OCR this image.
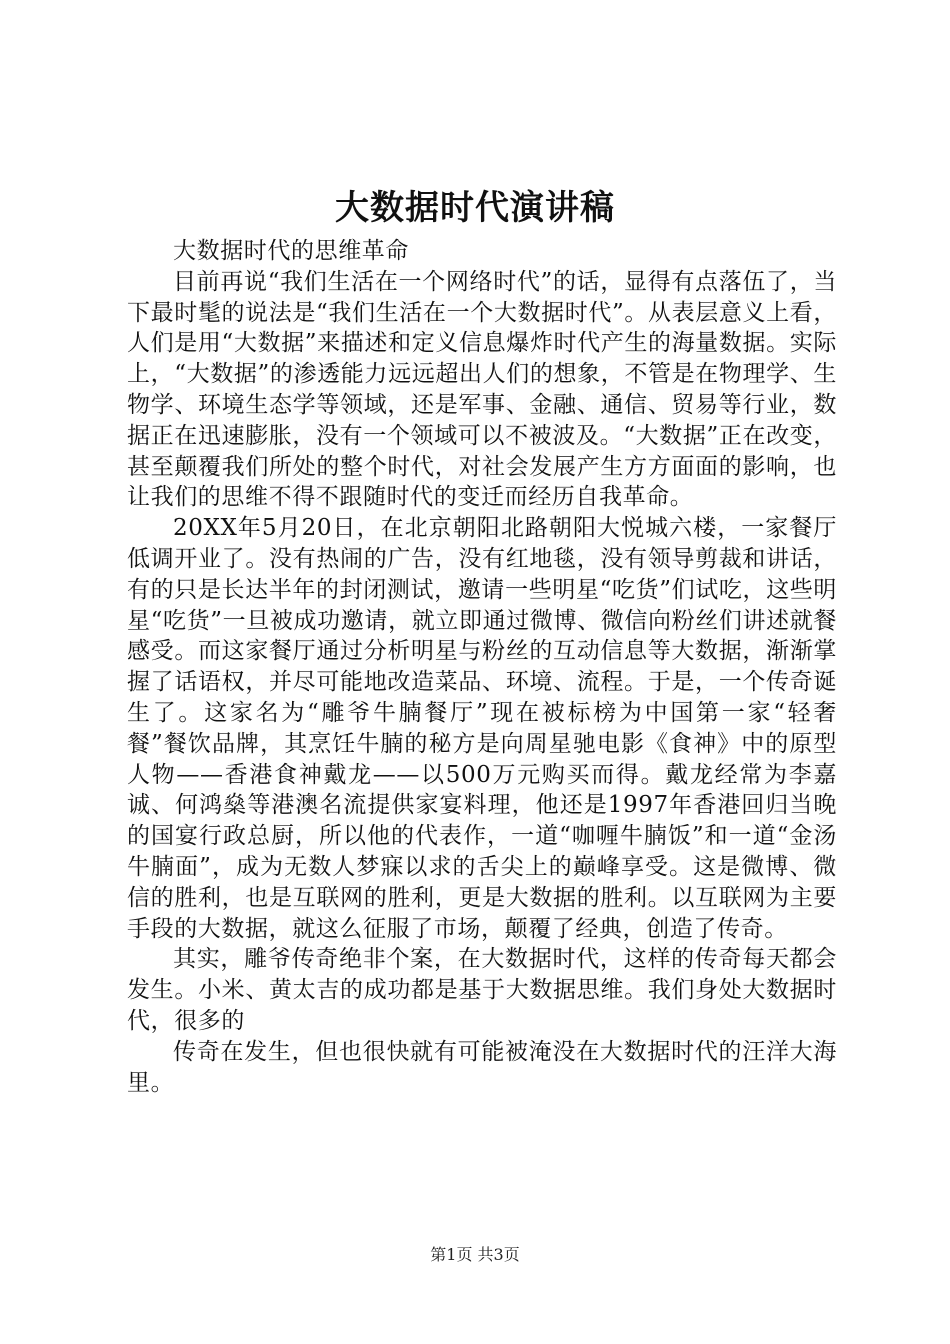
大数据时代演讲稿

大数据时代的思维革命

目前再说“我们生活在一个网络时代”的话，显得有点落伍了，当下最时髦的说法是“我们生活在一个大数据时代”。从表层意义上看，人们是用“大数据”来描述和定义信息爆炸时代产生的海量数据。实际上，“大数据”的渗透能力远远超出人们的想象，不管是在物理学、生物学、环境生态学等领域，还是军事、金融、通信、贸易等行业，数据正在迅速膨胀，没有一个领域可以不被波及。“大数据”正在改变，甚至颠覆我们所处的整个时代，对社会发展产生方方面面的影响，也让我们的思维不得不跟随时代的变迁而经历自我革命。

20XX年5月20日，在北京朝阳北路朝阳大悦城六楼，一家餐厅低调开业了。没有热闹的广告，没有红地毯，没有领导剪裁和讲话，有的只是长达半年的封闭测试，邀请一些明星“吃货”们试吃，这些明星“吃货”一旦被成功邀请，就立即通过微博、微信向粉丝们讲述就餐感受。而这家餐厅通过分析明星与粉丝的互动信息等大数据，渐渐掌握了话语权，并尽可能地改造菜品、环境、流程。于是，一个传奇诞生了。这家名为“雕爷牛腩餐厅”现在被标榜为中国第一家“轻奢餐”餐饮品牌，其烹饪牛腩的秘方是向周星驰电影《食神》中的原型人物——香港食神戴龙——以500万元购买而得。戴龙经常为李嘉诚、何鸿燊等港澳名流提供家宴料理，他还是1997年香港回归当晚的国宴行政总厨，所以他的代表作，一道“咖喱牛腩饭”和一道“金汤牛腩面”，成为无数人梦寐以求的舌尖上的巅峰享受。这是微博、微信的胜利，也是互联网的胜利，更是大数据的胜利。以互联网为主要手段的大数据，就这么征服了市场，颠覆了经典，创造了传奇。

其实，雕爷传奇绝非个案，在大数据时代，这样的传奇每天都会发生。小米、黄太吉的成功都是基于大数据思维。我们身处大数据时代，很多的

传奇在发生，但也很快就有可能被淹没在大数据时代的汪洋大海里。

第1页 共3页
